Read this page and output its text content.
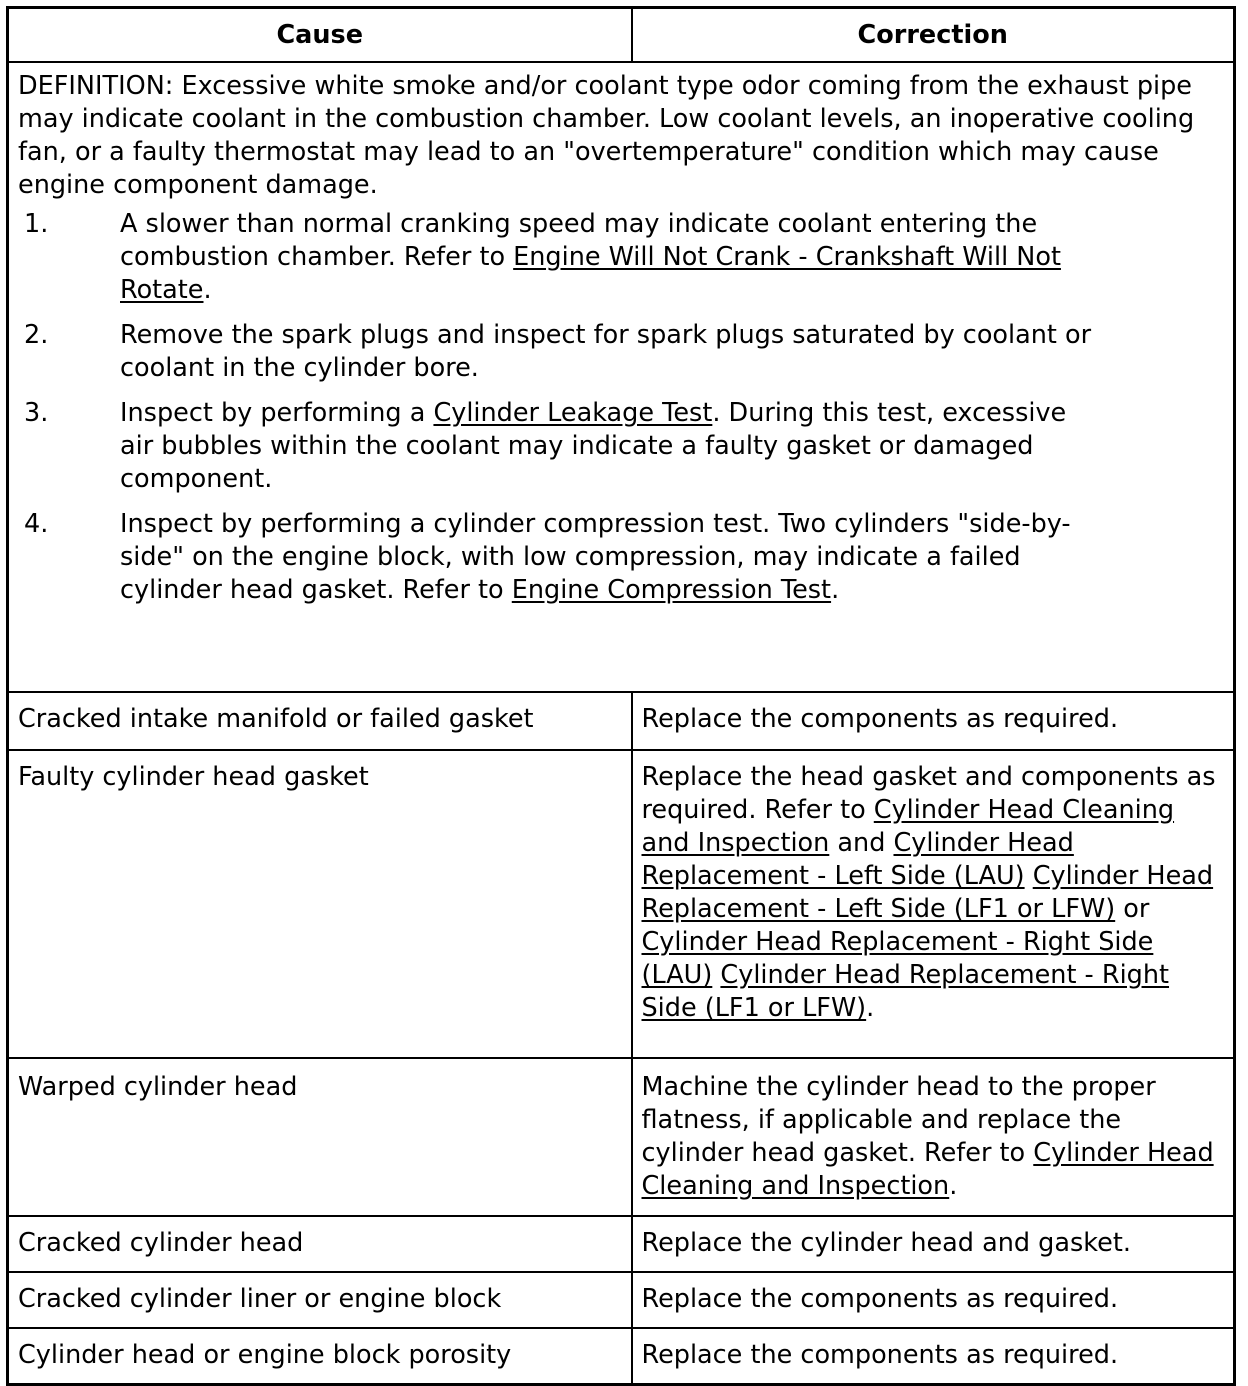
Cause	Correction

DEFINITION: Excessive white smoke and/or coolant type odor coming from the exhaust pipe may indicate coolant in the combustion chamber. Low coolant levels, an inoperative cooling fan, or a faulty thermostat may lead to an "overtemperature" condition which may cause engine component damage.

1.	A slower than normal cranking speed may indicate coolant entering the combustion chamber. Refer to Engine Will Not Crank - Crankshaft Will Not Rotate.
2.	Remove the spark plugs and inspect for spark plugs saturated by coolant or coolant in the cylinder bore.
3.	Inspect by performing a Cylinder Leakage Test. During this test, excessive air bubbles within the coolant may indicate a faulty gasket or damaged component.
4.	Inspect by performing a cylinder compression test. Two cylinders "side-by-side" on the engine block, with low compression, may indicate a failed cylinder head gasket. Refer to Engine Compression Test.

Cracked intake manifold or failed gasket	Replace the components as required.
Faulty cylinder head gasket	Replace the head gasket and components as required. Refer to Cylinder Head Cleaning and Inspection and Cylinder Head Replacement - Left Side (LAU) Cylinder Head Replacement - Left Side (LF1 or LFW) or Cylinder Head Replacement - Right Side (LAU) Cylinder Head Replacement - Right Side (LF1 or LFW).
Warped cylinder head	Machine the cylinder head to the proper flatness, if applicable and replace the cylinder head gasket. Refer to Cylinder Head Cleaning and Inspection.
Cracked cylinder head	Replace the cylinder head and gasket.
Cracked cylinder liner or engine block	Replace the components as required.
Cylinder head or engine block porosity	Replace the components as required.
